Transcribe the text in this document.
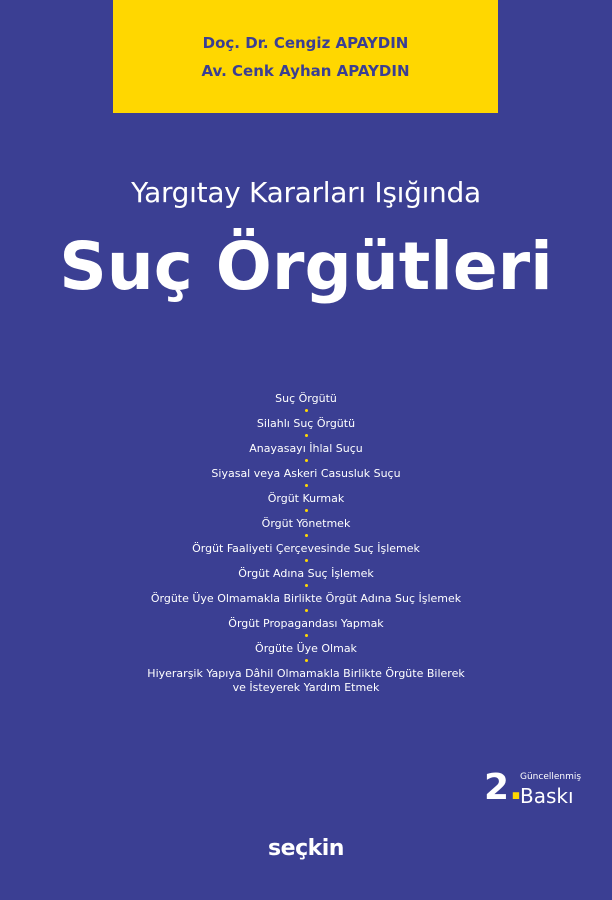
Doç. Dr. Cengiz APAYDIN
Av. Cenk Ayhan APAYDIN
Yargıtay Kararları Işığında
Suç Örgütleri
Suç Örgütü
Silahlı Suç Örgütü
Anayasayı İhlal Suçu
Siyasal veya Askeri Casusluk Suçu
Örgüt Kurmak
Örgüt Yönetmek
Örgüt Faaliyeti Çerçevesinde Suç İşlemek
Örgüt Adına Suç İşlemek
Örgüte Üye Olmamakla Birlikte Örgüt Adına Suç İşlemek
Örgüt Propagandası Yapmak
Örgüte Üye Olmak
Hiyerarşik Yapıya Dâhil Olmamakla Birlikte Örgüte Bilerek ve İsteyerek Yardım Etmek
2.
Güncellenmiş
Baskı
seçkin
